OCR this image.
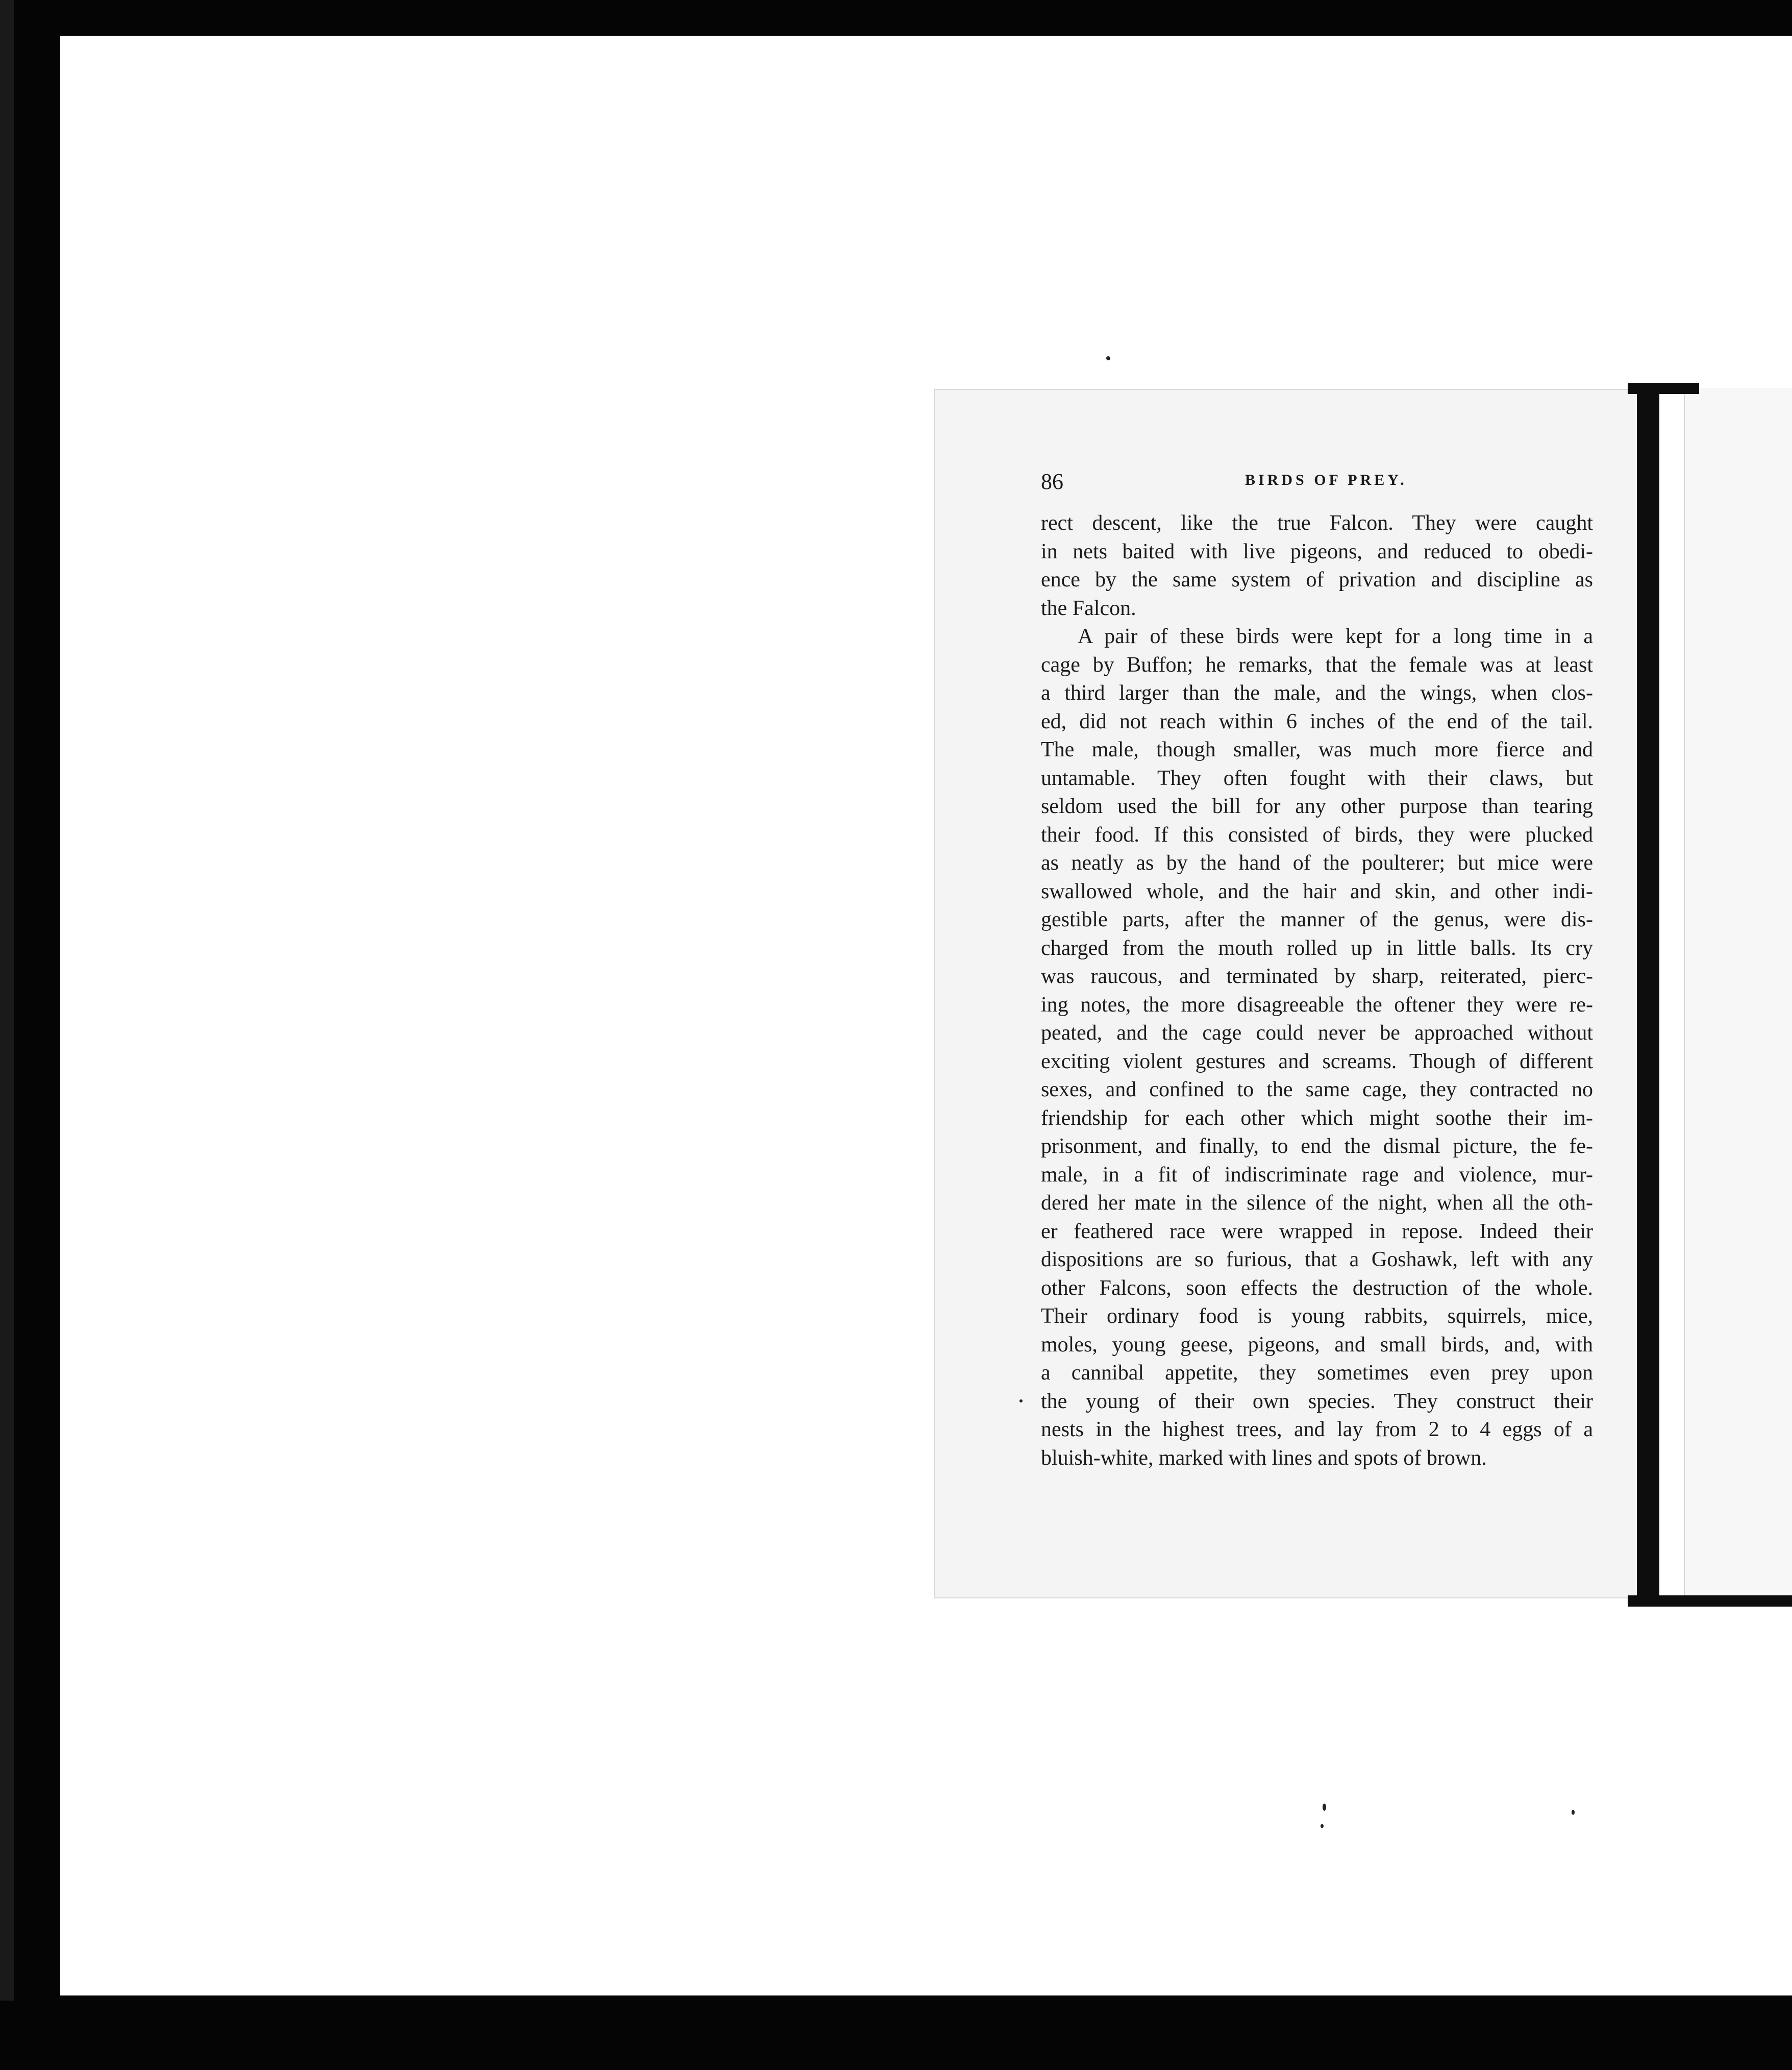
86	BIRDS OF PREY.
rect descent, like the true Falcon. They were caught
in nets baited with live pigeons, and reduced to obedi-
ence by the same system of privation and discipline as
the Falcon.
A pair of these birds were kept for a long time in a
cage by Buffon; he remarks, that the female was at least
a third larger than the male, and the wings, when clos-
ed, did not reach within 6 inches of the end of the tail.
The male, though smaller, was much more fierce and
untamable. They often fought with their claws, but
seldom used the bill for any other purpose than tearing
their food. If this consisted of birds, they were plucked
as neatly as by the hand of the poulterer; but mice were
swallowed whole, and the hair and skin, and other indi-
gestible parts, after the manner of the genus, were dis-
charged from the mouth rolled up in little balls. Its cry
was raucous, and terminated by sharp, reiterated, pierc-
ing notes, the more disagreeable the oftener they were re-
peated, and the cage could never be approached without
exciting violent gestures and screams. Though of different
sexes, and confined to the same cage, they contracted no
friendship for each other which might soothe their im-
prisonment, and finally, to end the dismal picture, the fe-
male, in a fit of indiscriminate rage and violence, mur-
dered her mate in the silence of the night, when all the oth-
er feathered race were wrapped in repose. Indeed their
dispositions are so furious, that a Goshawk, left with any
other Falcons, soon effects the destruction of the whole.
Their ordinary food is young rabbits, squirrels, mice,
moles, young geese, pigeons, and small birds, and, with
a cannibal appetite, they sometimes even prey upon
the young of their own species. They construct their
nests in the highest trees, and lay from 2 to 4 eggs of a
bluish-white, marked with lines and spots of brown.
